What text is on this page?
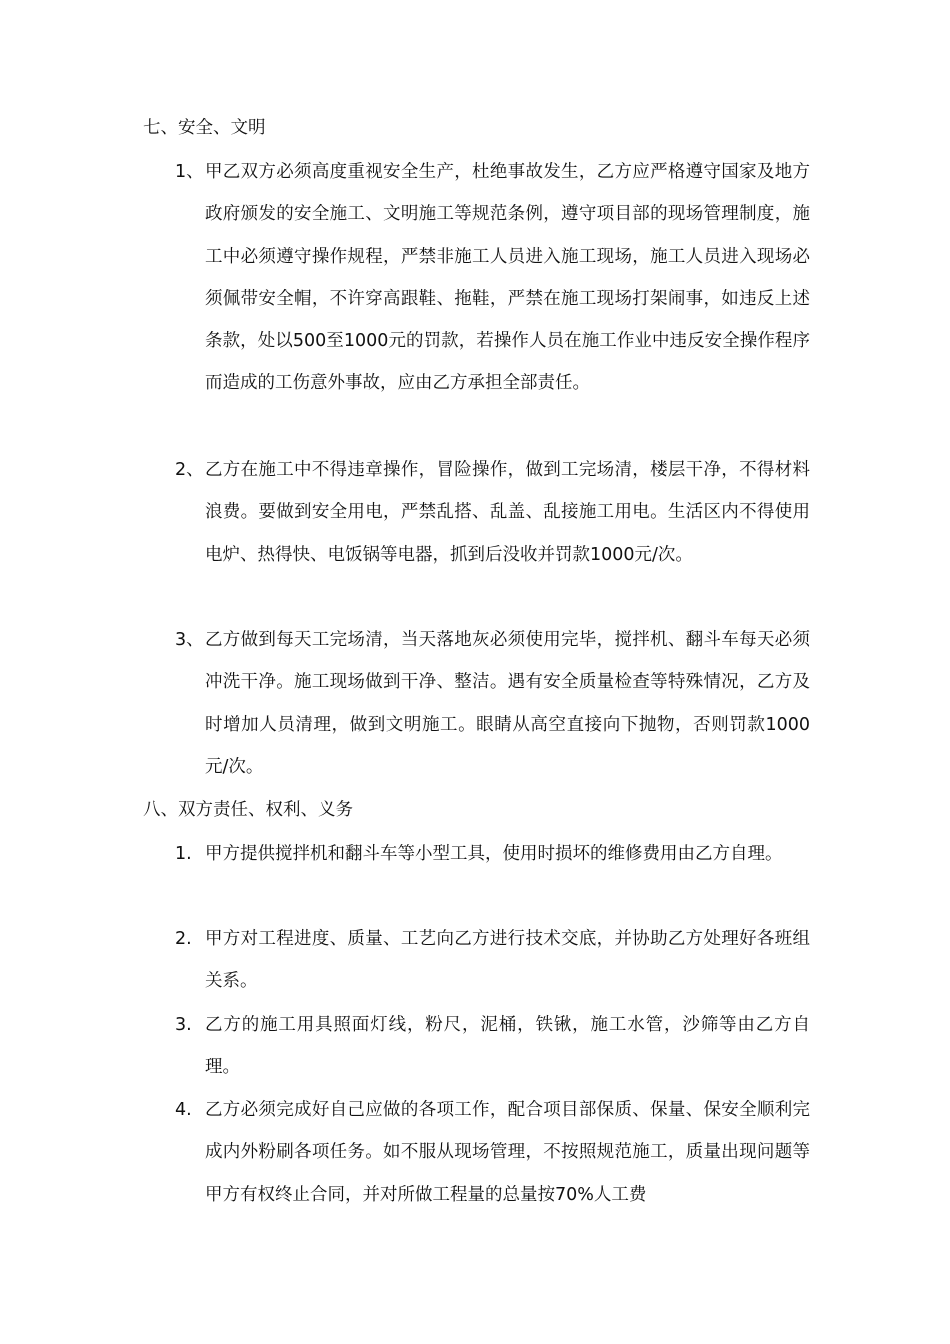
七、安全、文明
1、 甲乙双方必须高度重视安全生产，杜绝事故发生，乙方应严格遵守国家及地方政府颁发的安全施工、文明施工等规范条例，遵守项目部的现场管理制度，施工中必须遵守操作规程，严禁非施工人员进入施工现场，施工人员进入现场必须佩带安全帽，不许穿高跟鞋、拖鞋，严禁在施工现场打架闹事，如违反上述条款，处以500至1000元的罚款，若操作人员在施工作业中违反安全操作程序而造成的工伤意外事故，应由乙方承担全部责任。
2、 乙方在施工中不得违章操作，冒险操作，做到工完场清，楼层干净，不得材料浪费。要做到安全用电，严禁乱搭、乱盖、乱接施工用电。生活区内不得使用电炉、热得快、电饭锅等电器，抓到后没收并罚款1000元/次。
3、 乙方做到每天工完场清，当天落地灰必须使用完毕，搅拌机、翻斗车每天必须冲洗干净。施工现场做到干净、整洁。遇有安全质量检查等特殊情况，乙方及时增加人员清理，做到文明施工。眼睛从高空直接向下抛物，否则罚款1000元/次。
八、双方责任、权利、义务
1. 甲方提供搅拌机和翻斗车等小型工具，使用时损坏的维修费用由乙方自理。
2. 甲方对工程进度、质量、工艺向乙方进行技术交底，并协助乙方处理好各班组关系。
3. 乙方的施工用具照面灯线，粉尺，泥桶，铁锹，施工水管，沙筛等由乙方自理。
4. 乙方必须完成好自己应做的各项工作，配合项目部保质、保量、保安全顺利完成内外粉刷各项任务。如不服从现场管理，不按照规范施工，质量出现问题等甲方有权终止合同，并对所做工程量的总量按70%人工费
